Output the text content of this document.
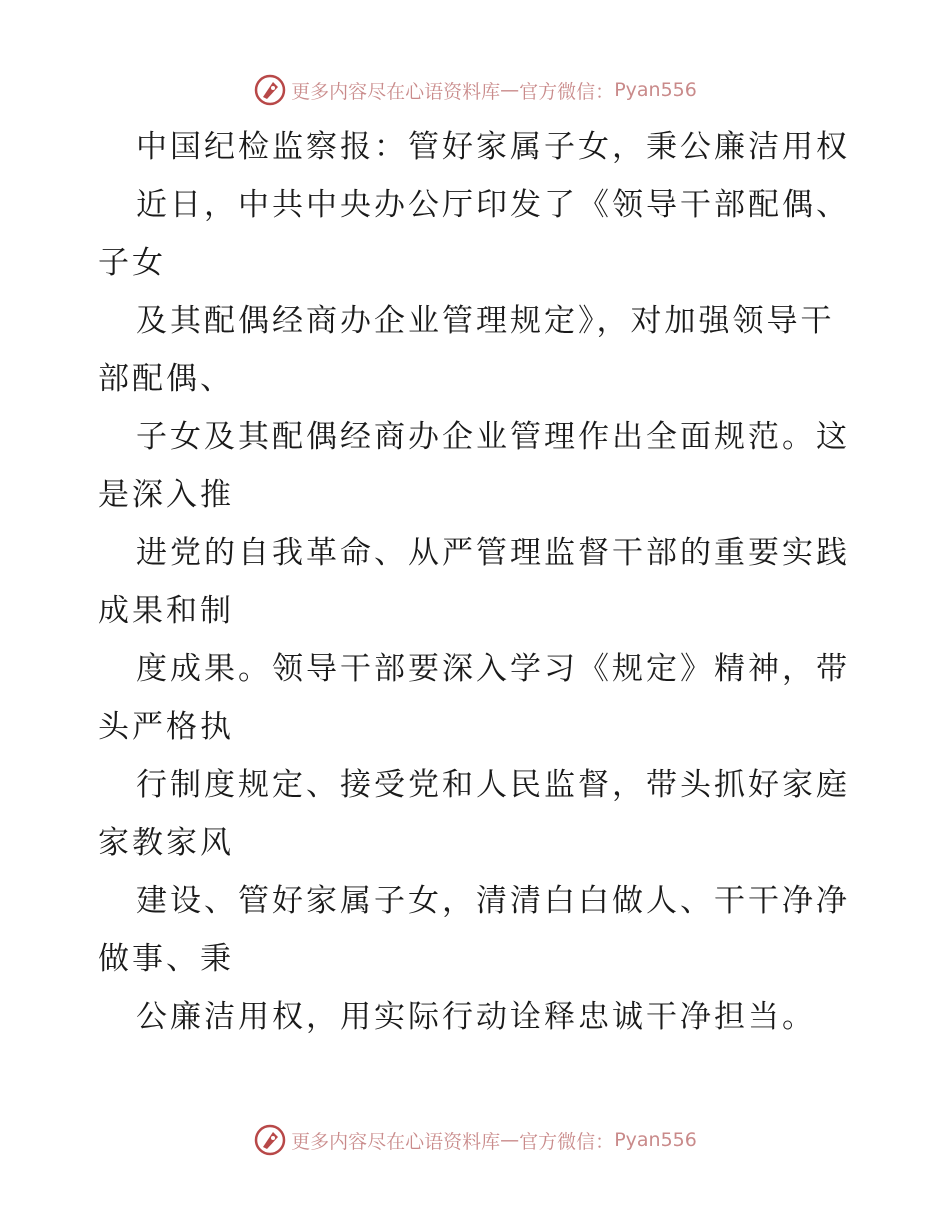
更多内容尽在心语资料库 — 官方微信： Pyan556
中国纪检监察报：管好家属子女，秉公廉洁用权
近日，中共中央办公厅印发了《领导干部配偶、
子女
及其配偶经商办企业管理规定》，对加强领导干
部配偶、
子女及其配偶经商办企业管理作出全面规范。这
是深入推
进党的自我革命、从严管理监督干部的重要实践
成果和制
度成果。领导干部要深入学习《规定》精神，带
头严格执
行制度规定、接受党和人民监督，带头抓好家庭
家教家风
建设、管好家属子女，清清白白做人、干干净净
做事、秉
公廉洁用权，用实际行动诠释忠诚干净担当。
更多内容尽在心语资料库 — 官方微信： Pyan556
